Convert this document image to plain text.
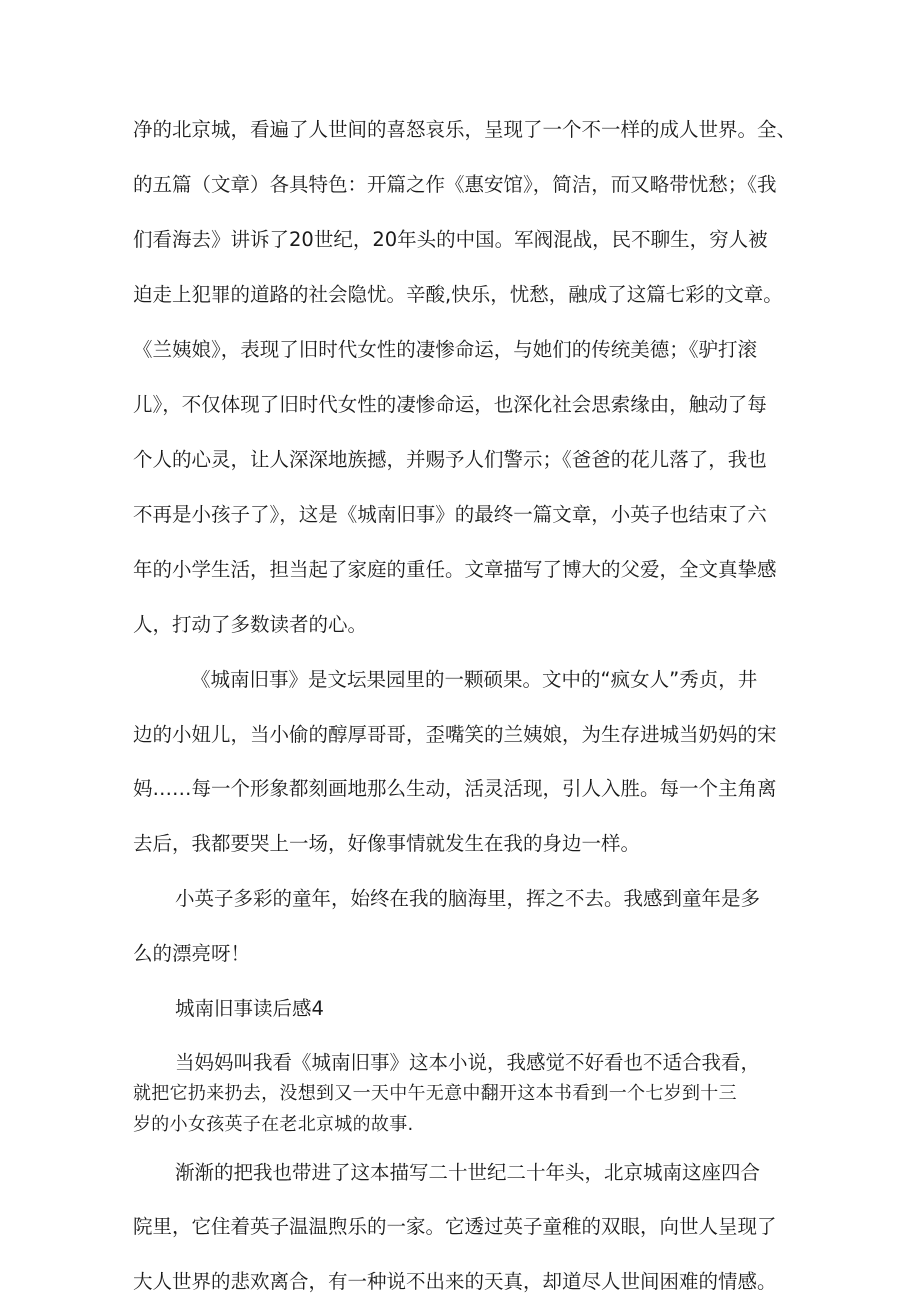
净的北京城，看遍了人世间的喜怒哀乐，呈现了一个不一样的成人世界。全、

的五篇（文章）各具特色：开篇之作《惠安馆》，简洁，而又略带忧愁；《我

们看海去》讲诉了20世纪，20年头的中国。军阀混战，民不聊生，穷人被

迫走上犯罪的道路的社会隐忧。辛酸,快乐，忧愁，融成了这篇七彩的文章。

《兰姨娘》，表现了旧时代女性的凄惨命运，与她们的传统美德；《驴打滚

儿》，不仅体现了旧时代女性的凄惨命运，也深化社会思索缘由，触动了每

个人的心灵，让人深深地族撼，并赐予人们警示；《爸爸的花儿落了，我也

不再是小孩子了》，这是《城南旧事》的最终一篇文章，小英子也结束了六

年的小学生活，担当起了家庭的重任。文章描写了博大的父爱，全文真挚感

人，打动了多数读者的心。

《城南旧事》是文坛果园里的一颗硕果。文中的“疯女人”秀贞，井

边的小妞儿，当小偷的醇厚哥哥，歪嘴笑的兰姨娘，为生存进城当奶妈的宋

妈……每一个形象都刻画地那么生动，活灵活现，引人入胜。每一个主角离

去后，我都要哭上一场，好像事情就发生在我的身边一样。

小英子多彩的童年，始终在我的脑海里，挥之不去。我感到童年是多

么的漂亮呀！

城南旧事读后感4

当妈妈叫我看《城南旧事》这本小说，我感觉不好看也不适合我看，

就把它扔来扔去，没想到又一天中午无意中翻开这本书看到一个七岁到十三

岁的小女孩英子在老北京城的故事.

渐渐的把我也带进了这本描写二十世纪二十年头，北京城南这座四合

院里，它住着英子温温煦乐的一家。它透过英子童稚的双眼，向世人呈现了

大人世界的悲欢离合，有一种说不出来的天真，却道尽人世间困难的情感。
